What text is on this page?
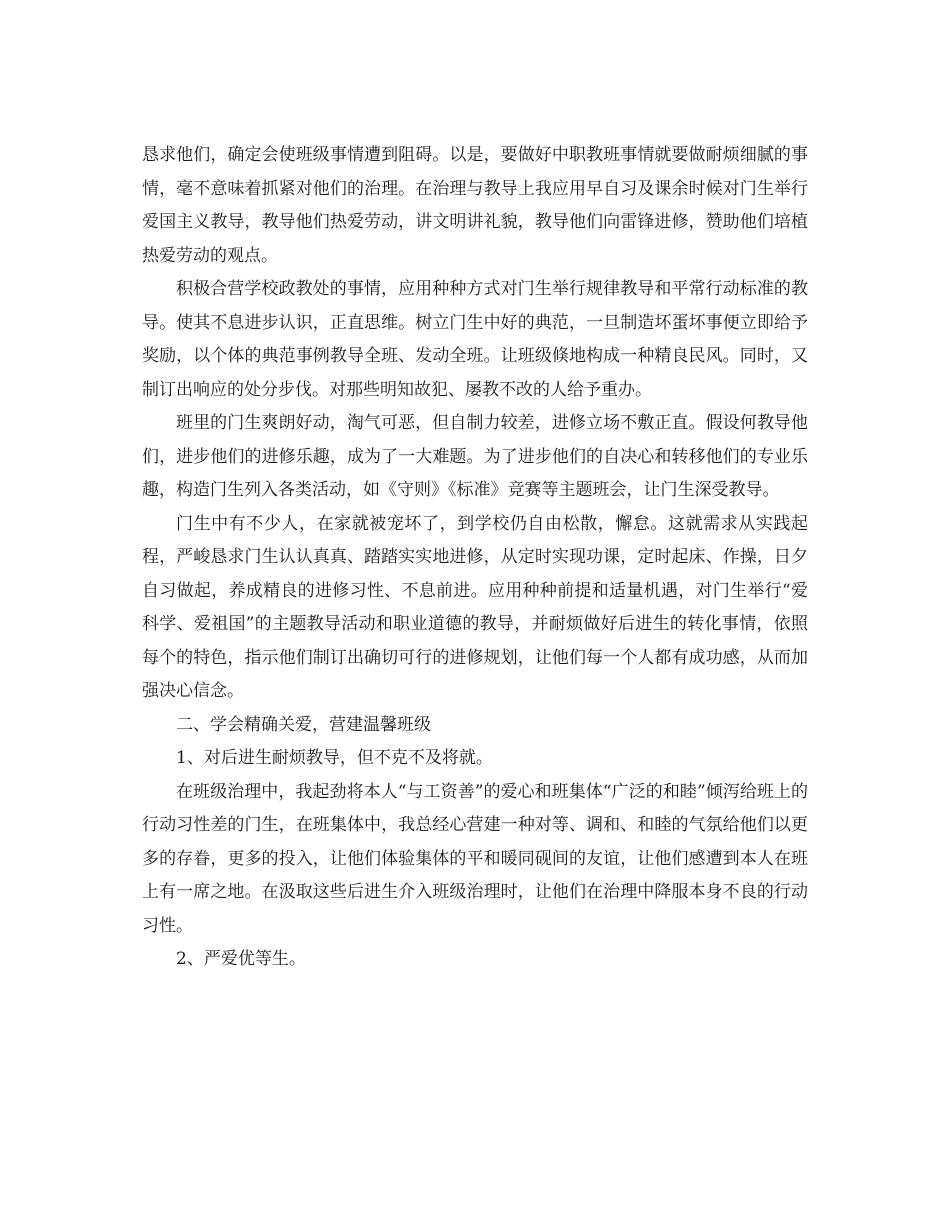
恳求他们，确定会使班级事情遭到阻碍。以是，要做好中职教班事情就要做耐烦细腻的事情，毫不意味着抓紧对他们的治理。在治理与教导上我应用早自习及课余时候对门生举行爱国主义教导，教导他们热爱劳动，讲文明讲礼貌，教导他们向雷锋进修，赞助他们培植热爱劳动的观点。

积极合营学校政教处的事情，应用种种方式对门生举行规律教导和平常行动标准的教导。使其不息进步认识，正直思维。树立门生中好的典范，一旦制造坏蛋坏事便立即给予奖励，以个体的典范事例教导全班、发动全班。让班级倏地构成一种精良民风。同时，又制订出响应的处分步伐。对那些明知故犯、屡教不改的人给予重办。

班里的门生爽朗好动，淘气可恶，但自制力较差，进修立场不敷正直。假设何教导他们，进步他们的进修乐趣，成为了一大难题。为了进步他们的自决心和转移他们的专业乐趣，构造门生列入各类活动，如《守则》《标准》竞赛等主题班会，让门生深受教导。

门生中有不少人，在家就被宠坏了，到学校仍自由松散，懈怠。这就需求从实践起程，严峻恳求门生认认真真、踏踏实实地进修，从定时实现功课，定时起床、作操，日夕自习做起，养成精良的进修习性、不息前进。应用种种前提和适量机遇，对门生举行“爱科学、爱祖国”的主题教导活动和职业道德的教导，并耐烦做好后进生的转化事情，依照每个的特色，指示他们制订出确切可行的进修规划，让他们每一个人都有成功感，从而加强决心信念。

二、学会精确关爱，营建温馨班级

1、对后进生耐烦教导，但不克不及将就。

在班级治理中，我起劲将本人“与工资善”的爱心和班集体“广泛的和睦”倾泻给班上的行动习性差的门生，在班集体中，我总经心营建一种对等、调和、和睦的气氛给他们以更多的存眷，更多的投入，让他们体验集体的平和暖同砚间的友谊，让他们感遭到本人在班上有一席之地。在汲取这些后进生介入班级治理时，让他们在治理中降服本身不良的行动习性。

2、严爱优等生。
